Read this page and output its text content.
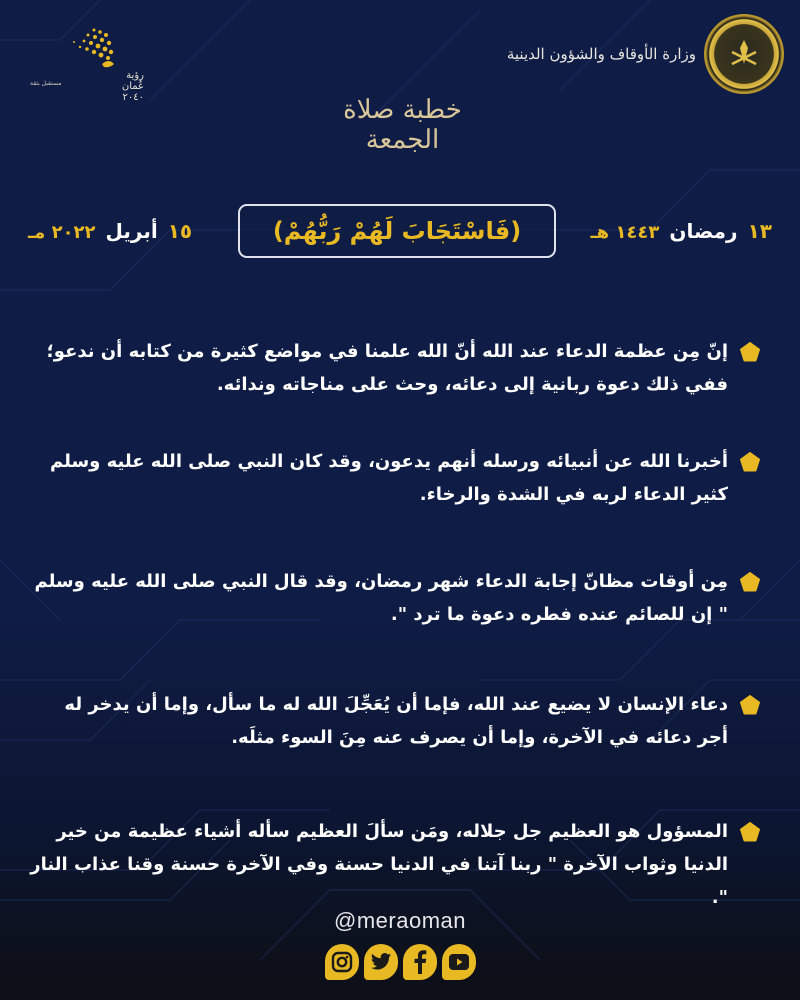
رؤية عُمان ٢٠٤٠
مستقبل بثقة
وزارة الأوقاف والشؤون الدينية
خطبة صلاة
الجمعة
١٣
رمضان
١٤٤٣ هـ
١٥
أبريل
٢٠٢٢ مـ	(فَاسْتَجَابَ لَهُمْ رَبُّهُمْ)
إنّ مِن عظمة الدعاء عند الله أنّ الله علمنا في مواضع كثيرة من كتابه أن ندعو؛ ففي ذلك دعوة ربانية إلى دعائه، وحث على مناجاته وندائه.
أخبرنا الله عن أنبيائه ورسله أنهم يدعون، وقد كان النبي صلى الله عليه وسلم كثير الدعاء لربه في الشدة والرخاء.
مِن أوقات مظانّ إجابة الدعاء شهر رمضان، وقد قال النبي صلى الله عليه وسلم " إن للصائم عنده فطره دعوة ما ترد ".
دعاء الإنسان لا يضيع عند الله، فإما أن يُعَجِّلَ الله له ما سأل، وإما أن يدخر له أجر دعائه في الآخرة، وإما أن يصرف عنه مِنَ السوء مثلَه.
المسؤول هو العظيم جل جلاله، ومَن سألَ العظيم سأله أشياء عظيمة من خير الدنيا وثواب الآخرة " ربنا آتنا في الدنيا حسنة وفي الآخرة حسنة وقنا عذاب النار ".
@meraoman
